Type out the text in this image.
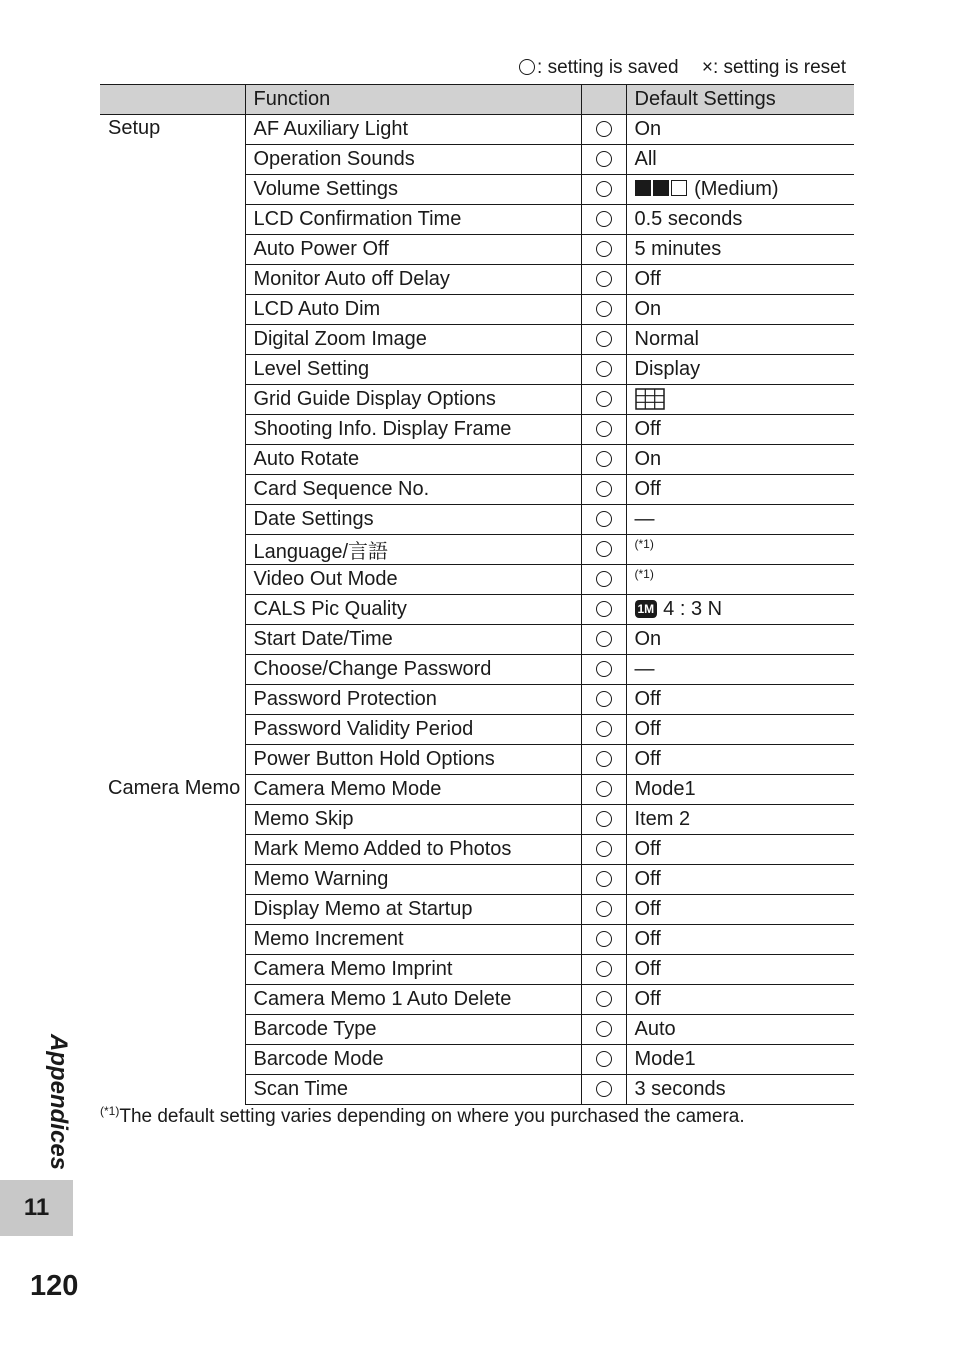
: setting is saved ×: setting is reset
	Function		Default Settings
Setup	AF Auxiliary Light		On
	Operation Sounds		All
	Volume Settings		(Medium)
	LCD Confirmation Time		0.5 seconds
	Auto Power Off		5 minutes
	Monitor Auto off Delay		Off
	LCD Auto Dim		On
	Digital Zoom Image		Normal
	Level Setting		Display
	Grid Guide Display Options		
	Shooting Info. Display Frame		Off
	Auto Rotate		On
	Card Sequence No.		Off
	Date Settings		—
	Language/言語		$^{(*1)}$
	Video Out Mode		$^{(*1)}$
	CALS Pic Quality		1M 4 : 3 N
	Start Date/Time		On
	Choose/Change Password		—
	Password Protection		Off
	Password Validity Period		Off
	Power Button Hold Options		Off
Camera Memo	Camera Memo Mode		Mode1
	Memo Skip		Item 2
	Mark Memo Added to Photos		Off
	Memo Warning		Off
	Display Memo at Startup		Off
	Memo Increment		Off
	Camera Memo Imprint		Off
	Camera Memo 1 Auto Delete		Off
	Barcode Type		Auto
	Barcode Mode		Mode1
	Scan Time		3 seconds
$^{(*1)}$The default setting varies depending on where you purchased the camera.
Appendices
11
120
